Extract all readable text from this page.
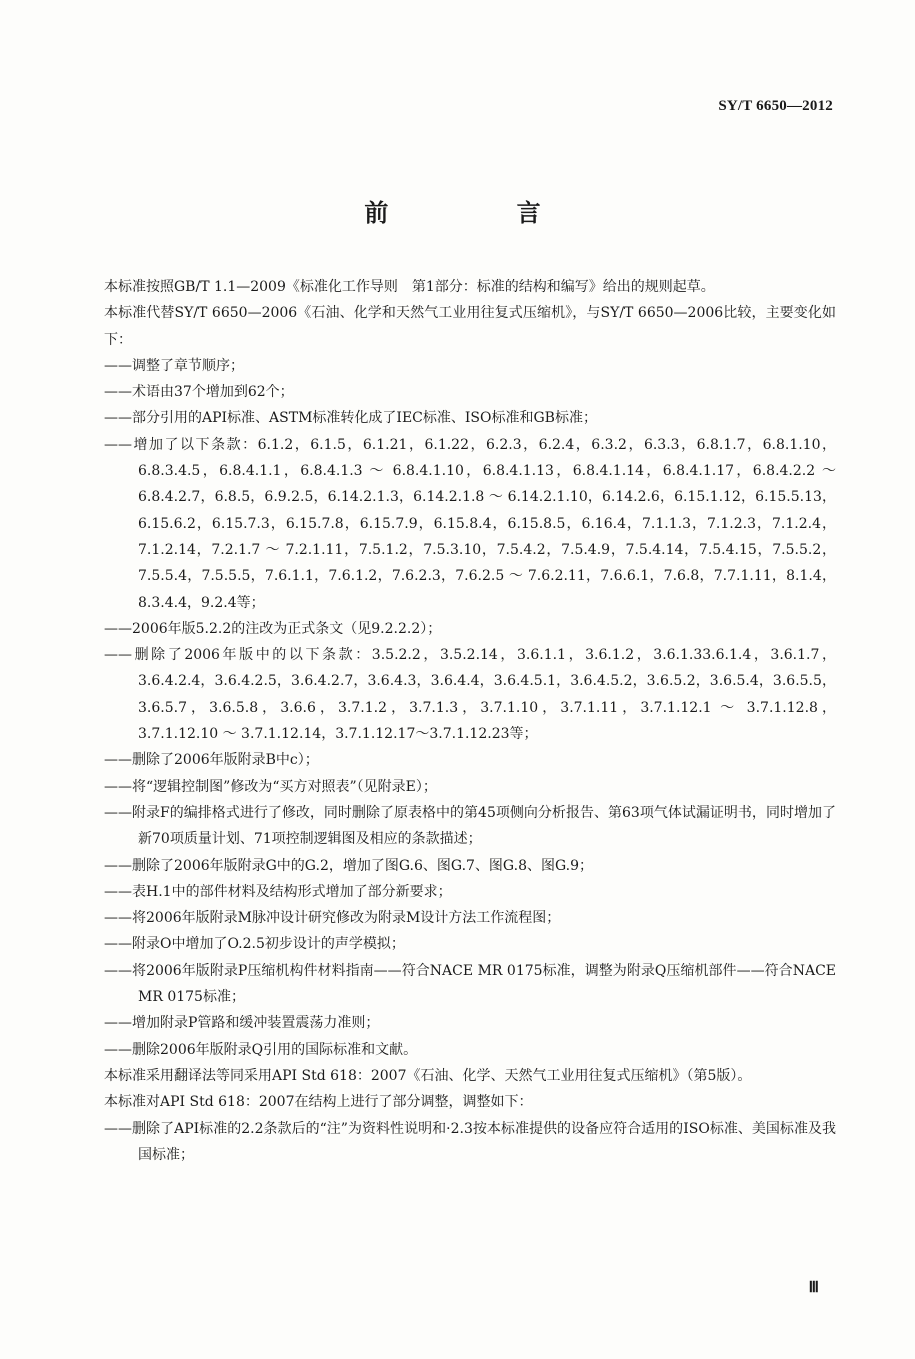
SY/T 6650—2012
前 言

本标准按照GB/T 1.1—2009《标准化工作导则　第1部分：标准的结构和编写》给出的规则起草。

本标准代替SY/T 6650—2006《石油、化学和天然气工业用往复式压缩机》，与SY/T 6650—2006比较，主要变化如下：

——调整了章节顺序；

——术语由37个增加到62个；

——部分引用的API标准、ASTM标准转化成了IEC标准、ISO标准和GB标准；

——增加了以下条款：6.1.2，6.1.5，6.1.21，6.1.22，6.2.3，6.2.4，6.3.2，6.3.3，6.8.1.7，6.8.1.10，6.8.3.4.5，6.8.4.1.1，6.8.4.1.3 ～ 6.8.4.1.10，6.8.4.1.13，6.8.4.1.14，6.8.4.1.17，6.8.4.2.2 ～ 6.8.4.2.7，6.8.5，6.9.2.5，6.14.2.1.3，6.14.2.1.8 ～ 6.14.2.1.10，6.14.2.6，6.15.1.12，6.15.5.13，6.15.6.2，6.15.7.3，6.15.7.8，6.15.7.9，6.15.8.4，6.15.8.5，6.16.4，7.1.1.3，7.1.2.3，7.1.2.4，7.1.2.14，7.2.1.7 ～ 7.2.1.11，7.5.1.2，7.5.3.10，7.5.4.2，7.5.4.9，7.5.4.14，7.5.4.15，7.5.5.2，7.5.5.4，7.5.5.5，7.6.1.1，7.6.1.2，7.6.2.3，7.6.2.5 ～ 7.6.2.11，7.6.6.1，7.6.8，7.7.1.11，8.1.4，8.3.4.4，9.2.4等；

——2006年版5.2.2的注改为正式条文（见9.2.2.2）；

——删除了2006年版中的以下条款：3.5.2.2，3.5.2.14，3.6.1.1，3.6.1.2，3.6.1.33.6.1.4，3.6.1.7，3.6.4.2.4，3.6.4.2.5，3.6.4.2.7，3.6.4.3，3.6.4.4，3.6.4.5.1，3.6.4.5.2，3.6.5.2，3.6.5.4，3.6.5.5，3.6.5.7，3.6.5.8，3.6.6，3.7.1.2，3.7.1.3，3.7.1.10，3.7.1.11，3.7.1.12.1 ～ 3.7.1.12.8，3.7.1.12.10 ～ 3.7.1.12.14，3.7.1.12.17～3.7.1.12.23等；

——删除了2006年版附录B中c）；

——将“逻辑控制图”修改为“买方对照表”（见附录E）；

——附录F的编排格式进行了修改，同时删除了原表格中的第45项侧向分析报告、第63项气体试漏证明书，同时增加了新70项质量计划、71项控制逻辑图及相应的条款描述；

——删除了2006年版附录G中的G.2，增加了图G.6、图G.7、图G.8、图G.9；

——表H.1中的部件材料及结构形式增加了部分新要求；

——将2006年版附录M脉冲设计研究修改为附录M设计方法工作流程图；

——附录O中增加了O.2.5初步设计的声学模拟；

——将2006年版附录P压缩机构件材料指南——符合NACE MR 0175标准，调整为附录Q压缩机部件——符合NACE MR 0175标准；

——增加附录P管路和缓冲装置震荡力准则；

——删除2006年版附录Q引用的国际标准和文献。

本标准采用翻译法等同采用API Std 618：2007《石油、化学、天然气工业用往复式压缩机》（第5版）。

本标准对API Std 618：2007在结构上进行了部分调整，调整如下：

——删除了API标准的2.2条款后的“注”为资料性说明和·2.3按本标准提供的设备应符合适用的ISO标准、美国标准及我国标准；

Ⅲ
